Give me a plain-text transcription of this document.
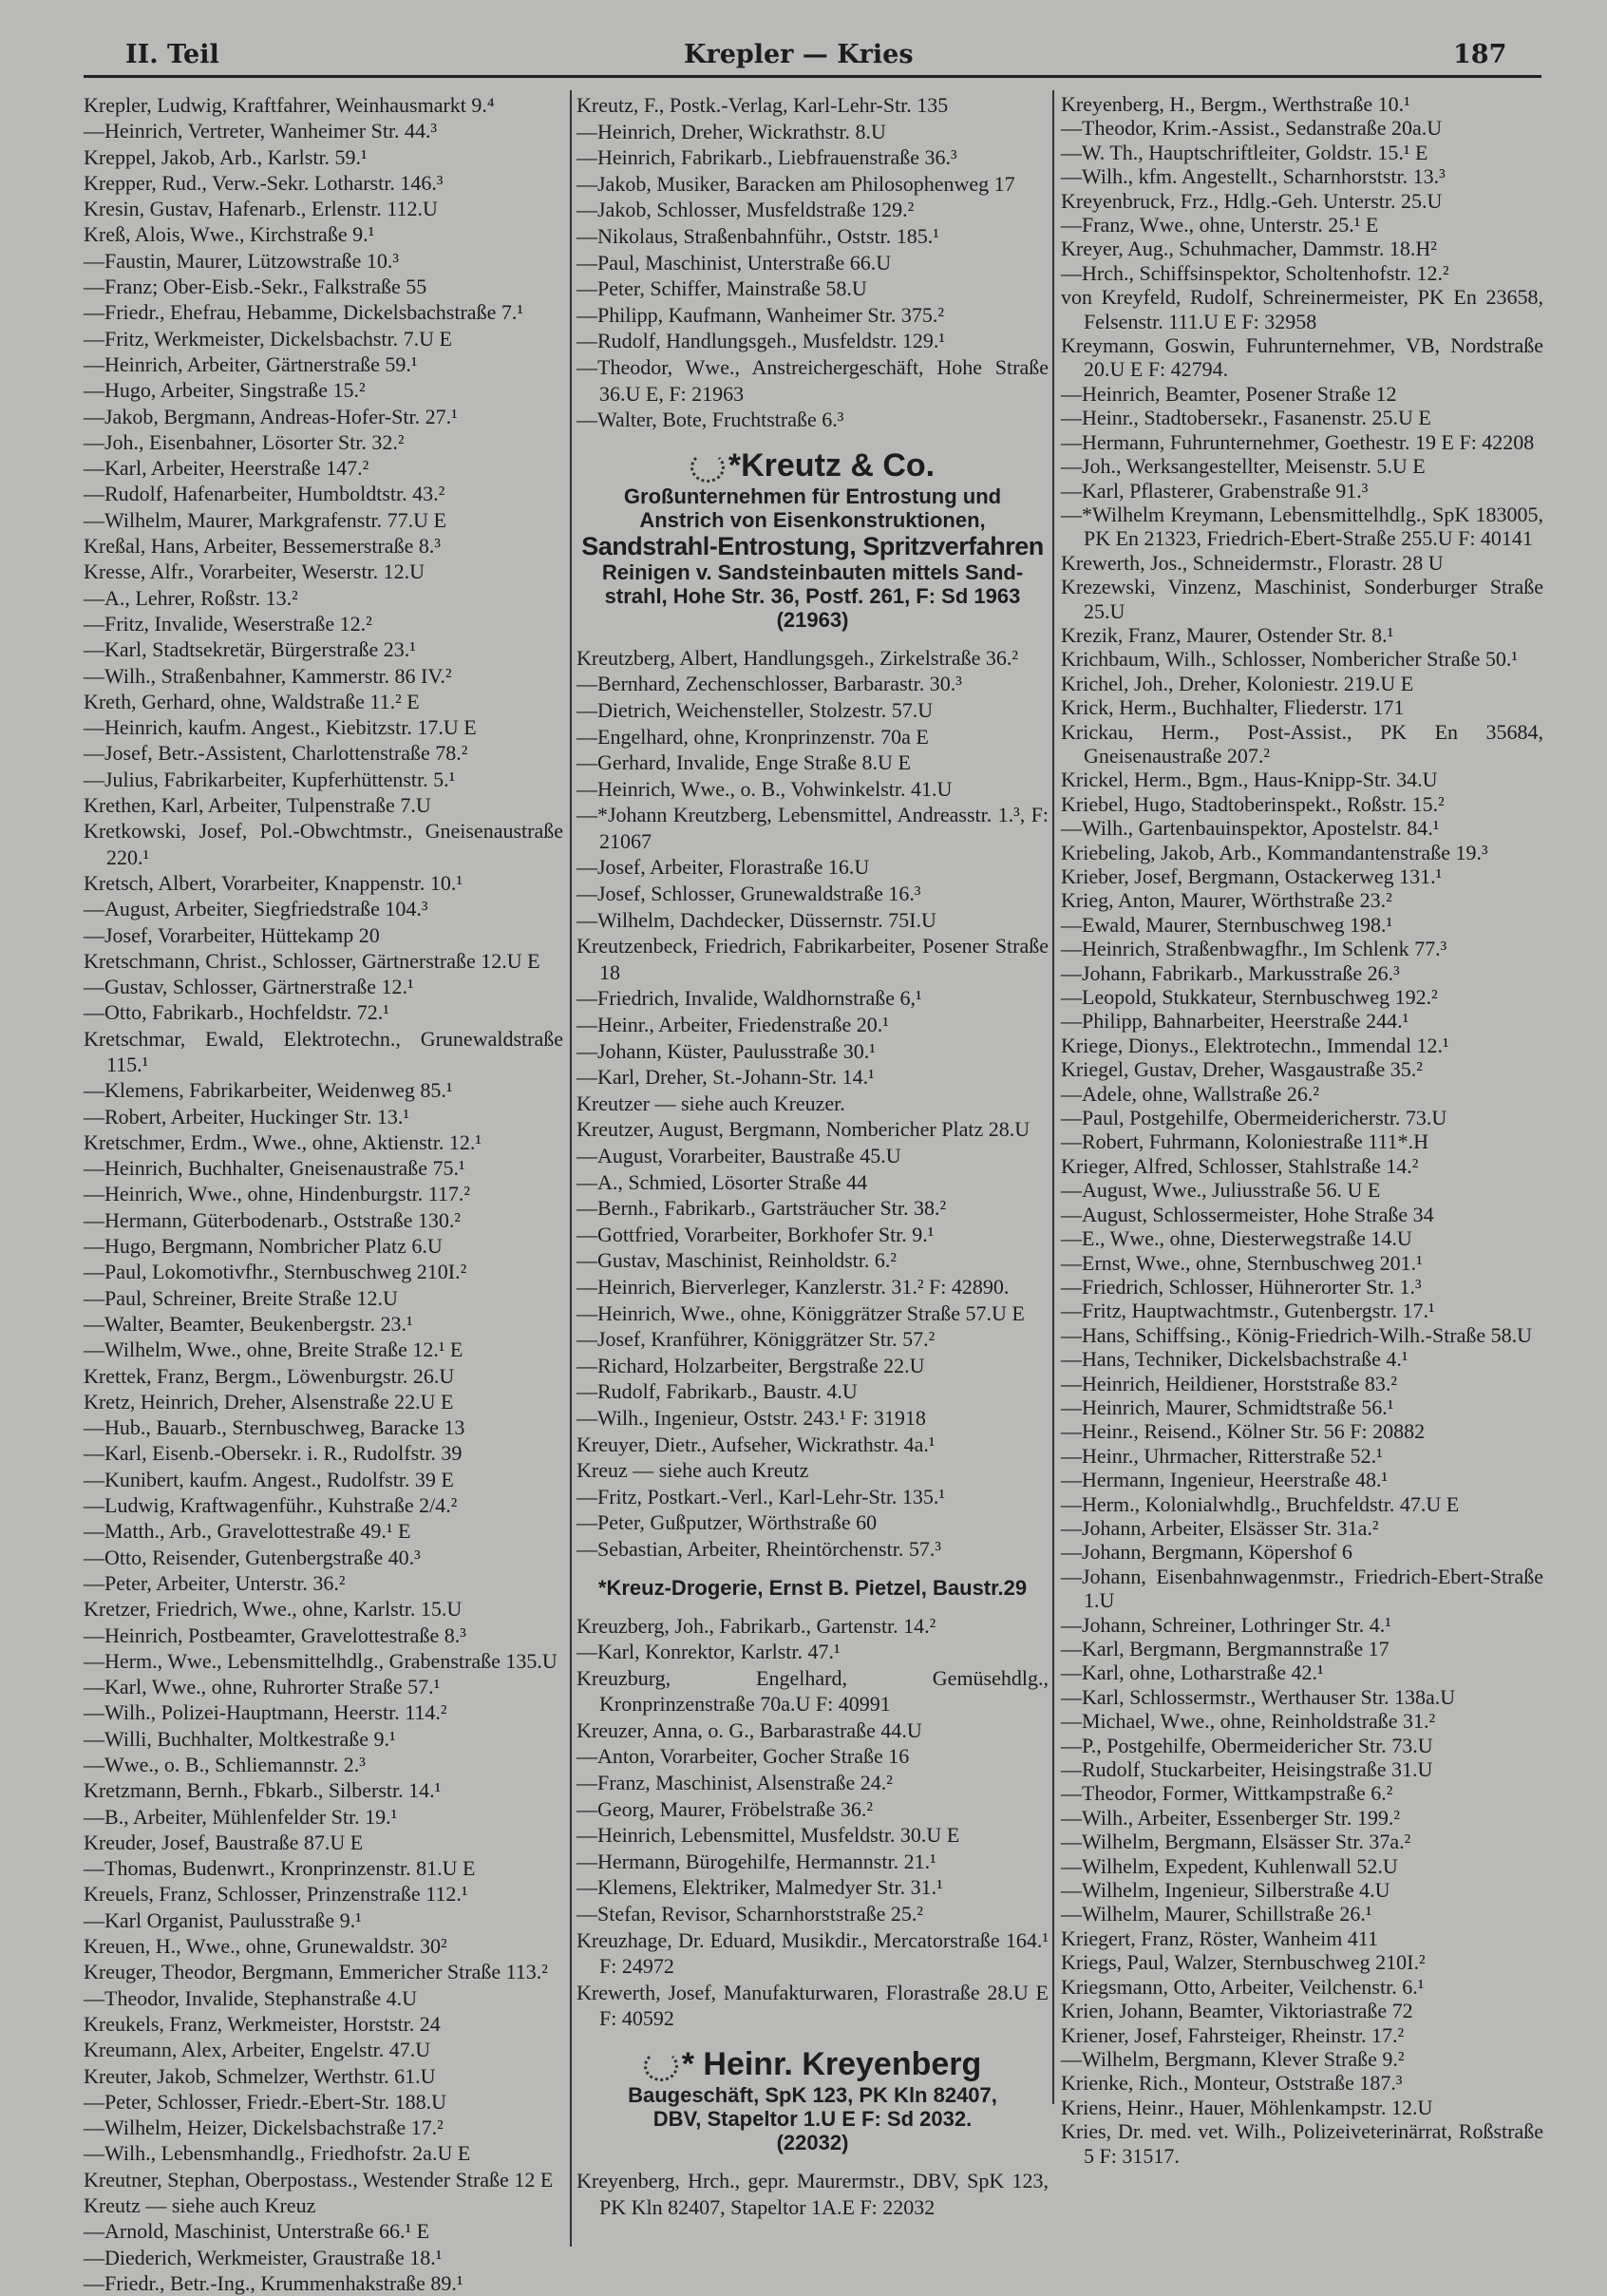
II. Teil	Krepler — Kries	187
Krepler, Ludwig, Kraftfahrer, Weinhausmarkt 9.⁴
—Heinrich, Vertreter, Wanheimer Str. 44.³
Kreppel, Jakob, Arb., Karlstr. 59.¹
Krepper, Rud., Verw.-Sekr. Lotharstr. 146.³
Kresin, Gustav, Hafenarb., Erlenstr. 112.U
Kreß, Alois, Wwe., Kirchstraße 9.¹
—Faustin, Maurer, Lützowstraße 10.³
—Franz; Ober-Eisb.-Sekr., Falkstraße 55
—Friedr., Ehefrau, Hebamme, Dickelsbachstraße 7.¹
—Fritz, Werkmeister, Dickelsbachstr. 7.U E
—Heinrich, Arbeiter, Gärtnerstraße 59.¹
—Hugo, Arbeiter, Singstraße 15.²
—Jakob, Bergmann, Andreas-Hofer-Str. 27.¹
—Joh., Eisenbahner, Lösorter Str. 32.²
—Karl, Arbeiter, Heerstraße 147.²
—Rudolf, Hafenarbeiter, Humboldtstr. 43.²
—Wilhelm, Maurer, Markgrafenstr. 77.U E
Kreßal, Hans, Arbeiter, Bessemerstraße 8.³
Kresse, Alfr., Vorarbeiter, Weserstr. 12.U
—A., Lehrer, Roßstr. 13.²
—Fritz, Invalide, Weserstraße 12.²
—Karl, Stadtsekretär, Bürgerstraße 23.¹
—Wilh., Straßenbahner, Kammerstr. 86 IV.²
Kreth, Gerhard, ohne, Waldstraße 11.² E
—Heinrich, kaufm. Angest., Kiebitzstr. 17.U E
—Josef, Betr.-Assistent, Charlottenstraße 78.²
—Julius, Fabrikarbeiter, Kupferhüttenstr. 5.¹
Krethen, Karl, Arbeiter, Tulpenstraße 7.U
Kretkowski, Josef, Pol.-Obwchtmstr., Gneisenaustraße 220.¹
Kretsch, Albert, Vorarbeiter, Knappenstr. 10.¹
—August, Arbeiter, Siegfriedstraße 104.³
—Josef, Vorarbeiter, Hüttekamp 20
Kretschmann, Christ., Schlosser, Gärtnerstraße 12.U E
—Gustav, Schlosser, Gärtnerstraße 12.¹
—Otto, Fabrikarb., Hochfeldstr. 72.¹
Kretschmar, Ewald, Elektrotechn., Grunewaldstraße 115.¹
—Klemens, Fabrikarbeiter, Weidenweg 85.¹
—Robert, Arbeiter, Huckinger Str. 13.¹
Kretschmer, Erdm., Wwe., ohne, Aktienstr. 12.¹
—Heinrich, Buchhalter, Gneisenaustraße 75.¹
—Heinrich, Wwe., ohne, Hindenburgstr. 117.²
—Hermann, Güterbodenarb., Oststraße 130.²
—Hugo, Bergmann, Nombricher Platz 6.U
—Paul, Lokomotivfhr., Sternbuschweg 210I.²
—Paul, Schreiner, Breite Straße 12.U
—Walter, Beamter, Beukenbergstr. 23.¹
—Wilhelm, Wwe., ohne, Breite Straße 12.¹ E
Krettek, Franz, Bergm., Löwenburgstr. 26.U
Kretz, Heinrich, Dreher, Alsenstraße 22.U E
—Hub., Bauarb., Sternbuschweg, Baracke 13
—Karl, Eisenb.-Obersekr. i. R., Rudolfstr. 39
—Kunibert, kaufm. Angest., Rudolfstr. 39 E
—Ludwig, Kraftwagenführ., Kuhstraße 2/4.²
—Matth., Arb., Gravelottestraße 49.¹ E
—Otto, Reisender, Gutenbergstraße 40.³
—Peter, Arbeiter, Unterstr. 36.²
Kretzer, Friedrich, Wwe., ohne, Karlstr. 15.U
—Heinrich, Postbeamter, Gravelottestraße 8.³
—Herm., Wwe., Lebensmittelhdlg., Grabenstraße 135.U
—Karl, Wwe., ohne, Ruhrorter Straße 57.¹
—Wilh., Polizei-Hauptmann, Heerstr. 114.²
—Willi, Buchhalter, Moltkestraße 9.¹
—Wwe., o. B., Schliemannstr. 2.³
Kretzmann, Bernh., Fbkarb., Silberstr. 14.¹
—B., Arbeiter, Mühlenfelder Str. 19.¹
Kreuder, Josef, Baustraße 87.U E
—Thomas, Budenwrt., Kronprinzenstr. 81.U E
Kreuels, Franz, Schlosser, Prinzenstraße 112.¹
—Karl Organist, Paulusstraße 9.¹
Kreuen, H., Wwe., ohne, Grunewaldstr. 30²
Kreuger, Theodor, Bergmann, Emmericher Straße 113.²
—Theodor, Invalide, Stephanstraße 4.U
Kreukels, Franz, Werkmeister, Horststr. 24
Kreumann, Alex, Arbeiter, Engelstr. 47.U
Kreuter, Jakob, Schmelzer, Werthstr. 61.U
—Peter, Schlosser, Friedr.-Ebert-Str. 188.U
—Wilhelm, Heizer, Dickelsbachstraße 17.²
—Wilh., Lebensmhandlg., Friedhofstr. 2a.U E
Kreutner, Stephan, Oberpostass., Westender Straße 12 E
Kreutz — siehe auch Kreuz
—Arnold, Maschinist, Unterstraße 66.¹ E
—Diederich, Werkmeister, Graustraße 18.¹
—Friedr., Betr.-Ing., Krummenhakstraße 89.¹
Kreutz, F., Postk.-Verlag, Karl-Lehr-Str. 135
—Heinrich, Dreher, Wickrathstr. 8.U
—Heinrich, Fabrikarb., Liebfrauenstraße 36.³
—Jakob, Musiker, Baracken am Philosophenweg 17
—Jakob, Schlosser, Musfeldstraße 129.²
—Nikolaus, Straßenbahnführ., Oststr. 185.¹
—Paul, Maschinist, Unterstraße 66.U
—Peter, Schiffer, Mainstraße 58.U
—Philipp, Kaufmann, Wanheimer Str. 375.²
—Rudolf, Handlungsgeh., Musfeldstr. 129.¹
—Theodor, Wwe., Anstreichergeschäft, Hohe Straße 36.U E, F: 21963
—Walter, Bote, Fruchtstraße 6.³
*Kreutz & Co.
Großunternehmen für Entrostung und
Anstrich von Eisenkonstruktionen,
Sandstrahl-Entrostung, Spritzverfahren
Reinigen v. Sandsteinbauten mittels Sand-
strahl, Hohe Str. 36, Postf. 261, F: Sd 1963
(21963)
Kreutzberg, Albert, Handlungsgeh., Zirkelstraße 36.²
—Bernhard, Zechenschlosser, Barbarastr. 30.³
—Dietrich, Weichensteller, Stolzestr. 57.U
—Engelhard, ohne, Kronprinzenstr. 70a E
—Gerhard, Invalide, Enge Straße 8.U E
—Heinrich, Wwe., o. B., Vohwinkelstr. 41.U
—*Johann Kreutzberg, Lebensmittel, Andreasstr. 1.³, F: 21067
—Josef, Arbeiter, Florastraße 16.U
—Josef, Schlosser, Grunewaldstraße 16.³
—Wilhelm, Dachdecker, Düssernstr. 75I.U
Kreutzenbeck, Friedrich, Fabrikarbeiter, Posener Straße 18
—Friedrich, Invalide, Waldhornstraße 6,¹
—Heinr., Arbeiter, Friedenstraße 20.¹
—Johann, Küster, Paulusstraße 30.¹
—Karl, Dreher, St.-Johann-Str. 14.¹
Kreutzer — siehe auch Kreuzer.
Kreutzer, August, Bergmann, Nombericher Platz 28.U
—August, Vorarbeiter, Baustraße 45.U
—A., Schmied, Lösorter Straße 44
—Bernh., Fabrikarb., Gartsträucher Str. 38.²
—Gottfried, Vorarbeiter, Borkhofer Str. 9.¹
—Gustav, Maschinist, Reinholdstr. 6.²
—Heinrich, Bierverleger, Kanzlerstr. 31.² F: 42890.
—Heinrich, Wwe., ohne, Königgrätzer Straße 57.U E
—Josef, Kranführer, Königgrätzer Str. 57.²
—Richard, Holzarbeiter, Bergstraße 22.U
—Rudolf, Fabrikarb., Baustr. 4.U
—Wilh., Ingenieur, Oststr. 243.¹ F: 31918
Kreuyer, Dietr., Aufseher, Wickrathstr. 4a.¹
Kreuz — siehe auch Kreutz
—Fritz, Postkart.-Verl., Karl-Lehr-Str. 135.¹
—Peter, Gußputzer, Wörthstraße 60
—Sebastian, Arbeiter, Rheintörchenstr. 57.³
*Kreuz-Drogerie, Ernst B. Pietzel, Baustr.29
Kreuzberg, Joh., Fabrikarb., Gartenstr. 14.²
—Karl, Konrektor, Karlstr. 47.¹
Kreuzburg, Engelhard, Gemüsehdlg., Kronprinzenstraße 70a.U F: 40991
Kreuzer, Anna, o. G., Barbarastraße 44.U
—Anton, Vorarbeiter, Gocher Straße 16
—Franz, Maschinist, Alsenstraße 24.²
—Georg, Maurer, Fröbelstraße 36.²
—Heinrich, Lebensmittel, Musfeldstr. 30.U E
—Hermann, Bürogehilfe, Hermannstr. 21.¹
—Klemens, Elektriker, Malmedyer Str. 31.¹
—Stefan, Revisor, Scharnhorststraße 25.²
Kreuzhage, Dr. Eduard, Musikdir., Mercatorstraße 164.¹ F: 24972
Krewerth, Josef, Manufakturwaren, Florastraße 28.U E F: 40592
* Heinr. Kreyenberg
Baugeschäft, SpK 123, PK Kln 82407,
DBV, Stapeltor 1.U E F: Sd 2032.
(22032)
Kreyenberg, Hrch., gepr. Maurermstr., DBV, SpK 123, PK Kln 82407, Stapeltor 1A.E F: 22032
Kreyenberg, H., Bergm., Werthstraße 10.¹
—Theodor, Krim.-Assist., Sedanstraße 20a.U
—W. Th., Hauptschriftleiter, Goldstr. 15.¹ E
—Wilh., kfm. Angestellt., Scharnhorststr. 13.³
Kreyenbruck, Frz., Hdlg.-Geh. Unterstr. 25.U
—Franz, Wwe., ohne, Unterstr. 25.¹ E
Kreyer, Aug., Schuhmacher, Dammstr. 18.H²
—Hrch., Schiffsinspektor, Scholtenhofstr. 12.²
von Kreyfeld, Rudolf, Schreinermeister, PK En 23658, Felsenstr. 111.U E F: 32958
Kreymann, Goswin, Fuhrunternehmer, VB, Nordstraße 20.U E F: 42794.
—Heinrich, Beamter, Posener Straße 12
—Heinr., Stadtobersekr., Fasanenstr. 25.U E
—Hermann, Fuhrunternehmer, Goethestr. 19 E F: 42208
—Joh., Werksangestellter, Meisenstr. 5.U E
—Karl, Pflasterer, Grabenstraße 91.³
—*Wilhelm Kreymann, Lebensmittelhdlg., SpK 183005, PK En 21323, Friedrich-Ebert-Straße 255.U F: 40141
Krewerth, Jos., Schneidermstr., Florastr. 28 U
Krezewski, Vinzenz, Maschinist, Sonderburger Straße 25.U
Krezik, Franz, Maurer, Ostender Str. 8.¹
Krichbaum, Wilh., Schlosser, Nombericher Straße 50.¹
Krichel, Joh., Dreher, Koloniestr. 219.U E
Krick, Herm., Buchhalter, Fliederstr. 171
Krickau, Herm., Post-Assist., PK En 35684, Gneisenaustraße 207.²
Krickel, Herm., Bgm., Haus-Knipp-Str. 34.U
Kriebel, Hugo, Stadtoberinspekt., Roßstr. 15.²
—Wilh., Gartenbauinspektor, Apostelstr. 84.¹
Kriebeling, Jakob, Arb., Kommandantenstraße 19.³
Krieber, Josef, Bergmann, Ostackerweg 131.¹
Krieg, Anton, Maurer, Wörthstraße 23.²
—Ewald, Maurer, Sternbuschweg 198.¹
—Heinrich, Straßenbwagfhr., Im Schlenk 77.³
—Johann, Fabrikarb., Markusstraße 26.³
—Leopold, Stukkateur, Sternbuschweg 192.²
—Philipp, Bahnarbeiter, Heerstraße 244.¹
Kriege, Dionys., Elektrotechn., Immendal 12.¹
Kriegel, Gustav, Dreher, Wasgaustraße 35.²
—Adele, ohne, Wallstraße 26.²
—Paul, Postgehilfe, Obermeidericherstr. 73.U
—Robert, Fuhrmann, Koloniestraße 111*.H
Krieger, Alfred, Schlosser, Stahlstraße 14.²
—August, Wwe., Juliusstraße 56. U E
—August, Schlossermeister, Hohe Straße 34
—E., Wwe., ohne, Diesterwegstraße 14.U
—Ernst, Wwe., ohne, Sternbuschweg 201.¹
—Friedrich, Schlosser, Hühnerorter Str. 1.³
—Fritz, Hauptwachtmstr., Gutenbergstr. 17.¹
—Hans, Schiffsing., König-Friedrich-Wilh.-Straße 58.U
—Hans, Techniker, Dickelsbachstraße 4.¹
—Heinrich, Heildiener, Horststraße 83.²
—Heinrich, Maurer, Schmidtstraße 56.¹
—Heinr., Reisend., Kölner Str. 56 F: 20882
—Heinr., Uhrmacher, Ritterstraße 52.¹
—Hermann, Ingenieur, Heerstraße 48.¹
—Herm., Kolonialwhdlg., Bruchfeldstr. 47.U E
—Johann, Arbeiter, Elsässer Str. 31a.²
—Johann, Bergmann, Köpershof 6
—Johann, Eisenbahnwagenmstr., Friedrich-Ebert-Straße 1.U
—Johann, Schreiner, Lothringer Str. 4.¹
—Karl, Bergmann, Bergmannstraße 17
—Karl, ohne, Lotharstraße 42.¹
—Karl, Schlossermstr., Werthauser Str. 138a.U
—Michael, Wwe., ohne, Reinholdstraße 31.²
—P., Postgehilfe, Obermeidericher Str. 73.U
—Rudolf, Stuckarbeiter, Heisingstraße 31.U
—Theodor, Former, Wittkampstraße 6.²
—Wilh., Arbeiter, Essenberger Str. 199.²
—Wilhelm, Bergmann, Elsässer Str. 37a.²
—Wilhelm, Expedent, Kuhlenwall 52.U
—Wilhelm, Ingenieur, Silberstraße 4.U
—Wilhelm, Maurer, Schillstraße 26.¹
Kriegert, Franz, Röster, Wanheim 411
Kriegs, Paul, Walzer, Sternbuschweg 210I.²
Kriegsmann, Otto, Arbeiter, Veilchenstr. 6.¹
Krien, Johann, Beamter, Viktoriastraße 72
Kriener, Josef, Fahrsteiger, Rheinstr. 17.²
—Wilhelm, Bergmann, Klever Straße 9.²
Krienke, Rich., Monteur, Oststraße 187.³
Kriens, Heinr., Hauer, Möhlenkampstr. 12.U
Kries, Dr. med. vet. Wilh., Polizeiveterinärrat, Roßstraße 5 F: 31517.
